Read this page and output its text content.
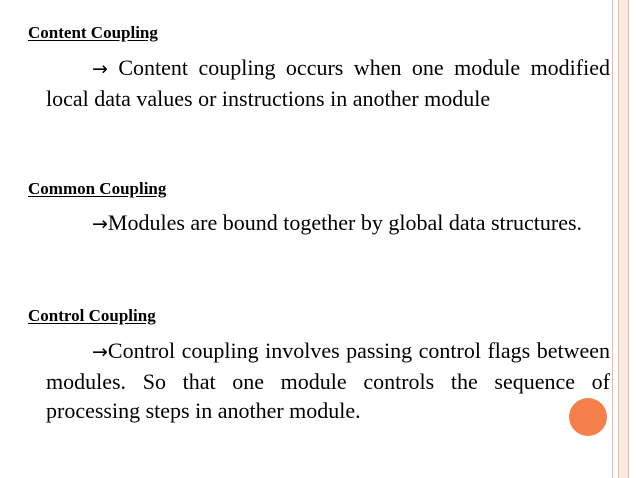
Content Coupling
→ Content coupling occurs when one module modified local data values or instructions in another module
Common Coupling
→Modules are bound together by global data structures.
Control Coupling
→Control coupling involves passing control flags between modules. So that one module controls the sequence of processing steps in another module.
